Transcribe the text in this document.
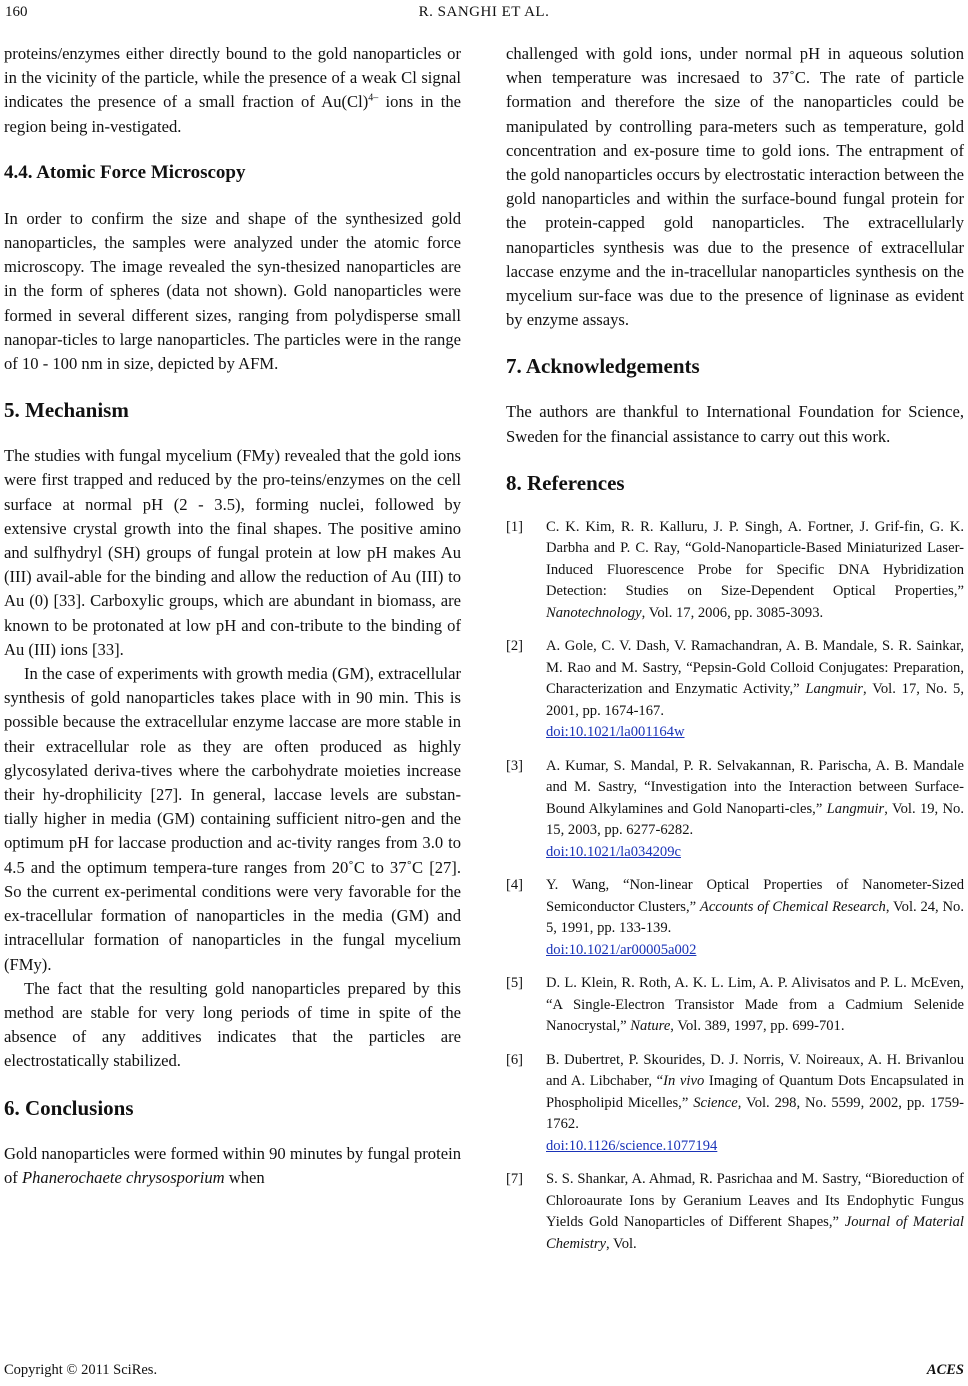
160	R. SANGHI ET AL.

proteins/enzymes either directly bound to the gold nanoparticles or in the vicinity of the particle, while the presence of a weak Cl signal indicates the presence of a small fraction of $Au(Cl)^{4-}$ ions in the region being in-vestigated.

4.4. Atomic Force Microscopy

In order to confirm the size and shape of the synthesized gold nanoparticles, the samples were analyzed under the atomic force microscopy. The image revealed the syn-thesized nanoparticles are in the form of spheres (data not shown). Gold nanoparticles were formed in several different sizes, ranging from polydisperse small nanopar-ticles to large nanoparticles. The particles were in the range of 10 - 100 nm in size, depicted by AFM.

5. Mechanism

The studies with fungal mycelium (FMy) revealed that the gold ions were first trapped and reduced by the pro-teins/enzymes on the cell surface at normal pH (2 - 3.5), forming nuclei, followed by extensive crystal growth into the final shapes. The positive amino and sulfhydryl (SH) groups of fungal protein at low pH makes Au (III) avail-able for the binding and allow the reduction of Au (III) to Au (0) [33]. Carboxylic groups, which are abundant in biomass, are known to be protonated at low pH and con-tribute to the binding of Au (III) ions [33].

In the case of experiments with growth media (GM), extracellular synthesis of gold nanoparticles takes place with in 90 min. This is possible because the extracellular enzyme laccase are more stable in their extracellular role as they are often produced as highly glycosylated deriva-tives where the carbohydrate moieties increase their hy-drophilicity [27]. In general, laccase levels are substan-tially higher in media (GM) containing sufficient nitro-gen and the optimum pH for laccase production and ac-tivity ranges from 3.0 to 4.5 and the optimum tempera-ture ranges from 20˚C to 37˚C [27]. So the current ex-perimental conditions were very favorable for the ex-tracellular formation of nanoparticles in the media (GM) and intracellular formation of nanoparticles in the fungal mycelium (FMy).

The fact that the resulting gold nanoparticles prepared by this method are stable for very long periods of time in spite of the absence of any additives indicates that the particles are electrostatically stabilized.

6. Conclusions

Gold nanoparticles were formed within 90 minutes by fungal protein of Phanerochaete chrysosporium when

challenged with gold ions, under normal pH in aqueous solution when temperature was incresaed to 37˚C. The rate of particle formation and therefore the size of the nanoparticles could be manipulated by controlling para-meters such as temperature, gold concentration and ex-posure time to gold ions. The entrapment of the gold nanoparticles occurs by electrostatic interaction between the gold nanoparticles and within the surface-bound fungal protein for the protein-capped gold nanoparticles. The extracellularly nanoparticles synthesis was due to the presence of extracellular laccase enzyme and the in-tracellular nanoparticles synthesis on the mycelium sur-face was due to the presence of ligninase as evident by enzyme assays.

7. Acknowledgements

The authors are thankful to International Foundation for Science, Sweden for the financial assistance to carry out this work.

8. References
[1] C. K. Kim, R. R. Kalluru, J. P. Singh, A. Fortner, J. Grif-fin, G. K. Darbha and P. C. Ray, “Gold-Nanoparticle-Based Miniaturized Laser-Induced Fluorescence Probe for Specific DNA Hybridization Detection: Studies on Size-Dependent Optical Properties,” Nanotechnology, Vol. 17, 2006, pp. 3085-3093.
[2] A. Gole, C. V. Dash, V. Ramachandran, A. B. Mandale, S. R. Sainkar, M. Rao and M. Sastry, “Pepsin-Gold Colloid Conjugates: Preparation, Characterization and Enzymatic Activity,” Langmuir, Vol. 17, No. 5, 2001, pp. 1674-167.
doi:10.1021/la001164w
[3] A. Kumar, S. Mandal, P. R. Selvakannan, R. Parischa, A. B. Mandale and M. Sastry, “Investigation into the Interaction between Surface-Bound Alkylamines and Gold Nanoparti-cles,” Langmuir, Vol. 19, No. 15, 2003, pp. 6277-6282.
doi:10.1021/la034209c
[4] Y. Wang, “Non-linear Optical Properties of Nanometer-Sized Semiconductor Clusters,” Accounts of Chemical Research, Vol. 24, No. 5, 1991, pp. 133-139.
doi:10.1021/ar00005a002
[5] D. L. Klein, R. Roth, A. K. L. Lim, A. P. Alivisatos and P. L. McEven, “A Single-Electron Transistor Made from a Cadmium Selenide Nanocrystal,” Nature, Vol. 389, 1997, pp. 699-701.
[6] B. Dubertret, P. Skourides, D. J. Norris, V. Noireaux, A. H. Brivanlou and A. Libchaber, “In vivo Imaging of Quantum Dots Encapsulated in Phospholipid Micelles,” Science, Vol. 298, No. 5599, 2002, pp. 1759-1762.
doi:10.1126/science.1077194
[7] S. S. Shankar, A. Ahmad, R. Pasrichaa and M. Sastry, “Bioreduction of Chloroaurate Ions by Geranium Leaves and Its Endophytic Fungus Yields Gold Nanoparticles of Different Shapes,” Journal of Material Chemistry, Vol.
Copyright © 2011 SciRes.	ACES
